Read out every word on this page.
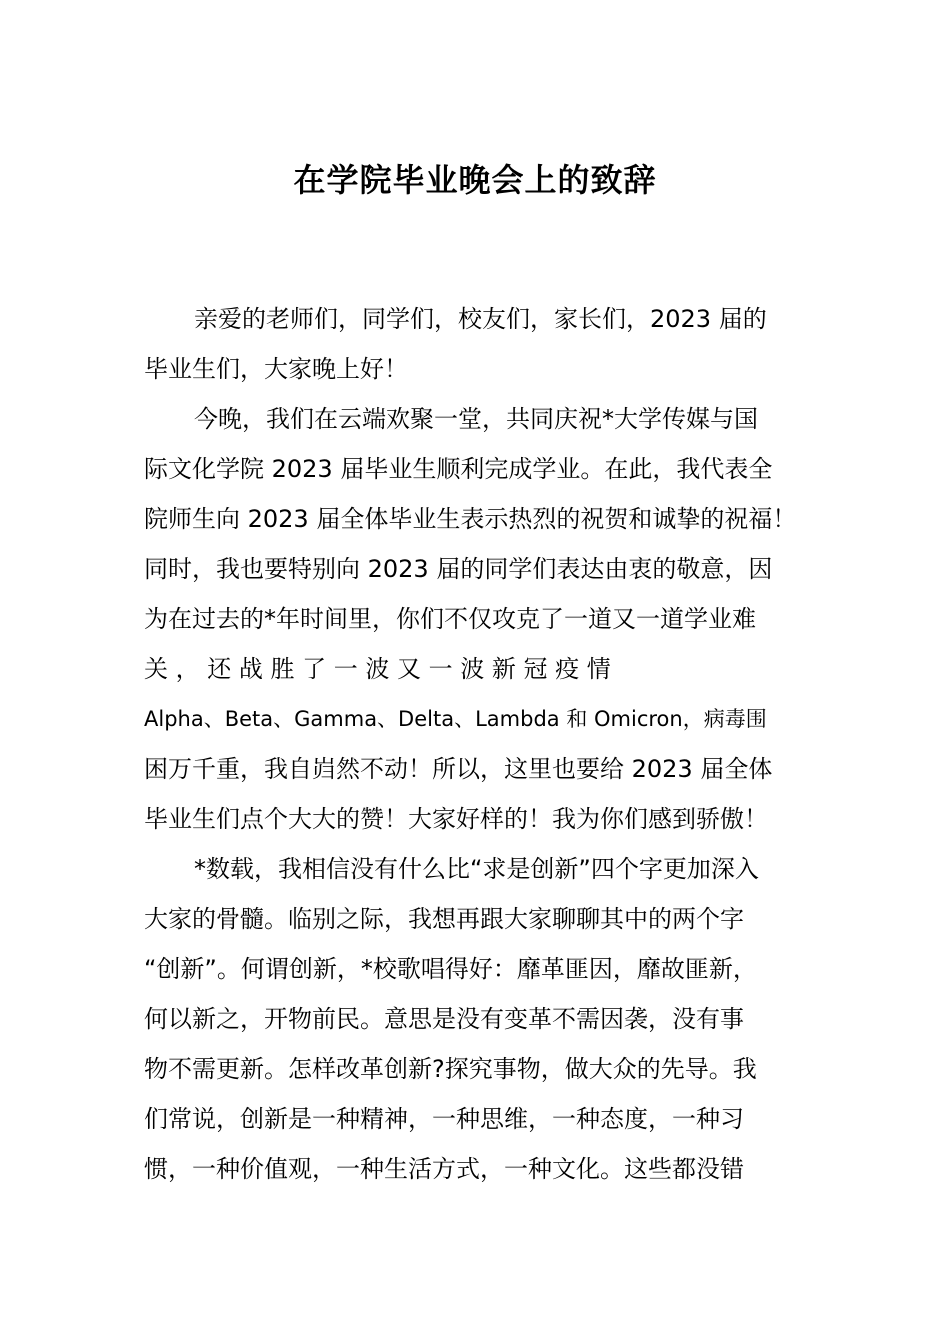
在学院毕业晚会上的致辞
亲爱的老师们，同学们，校友们，家长们，2023 届的
毕业生们，大家晚上好！
今晚，我们在云端欢聚一堂，共同庆祝*大学传媒与国
际文化学院 2023 届毕业生顺利完成学业。在此，我代表全
院师生向 2023 届全体毕业生表示热烈的祝贺和诚挚的祝福！
同时，我也要特别向 2023 届的同学们表达由衷的敬意，因
为在过去的*年时间里，你们不仅攻克了一道又一道学业难
关 ， 还 战 胜 了 一 波 又 一 波 新 冠 疫 情
Alpha、Beta、Gamma、Delta、Lambda 和 Omicron，病毒围
困万千重，我自岿然不动！所以，这里也要给 2023 届全体
毕业生们点个大大的赞！大家好样的！我为你们感到骄傲！
*数载，我相信没有什么比“求是创新”四个字更加深入
大家的骨髓。临别之际，我想再跟大家聊聊其中的两个字
“创新”。何谓创新，*校歌唱得好：靡革匪因，靡故匪新，
何以新之，开物前民。意思是没有变革不需因袭，没有事
物不需更新。怎样改革创新?探究事物，做大众的先导。我
们常说，创新是一种精神，一种思维，一种态度，一种习
惯，一种价值观，一种生活方式，一种文化。这些都没错
